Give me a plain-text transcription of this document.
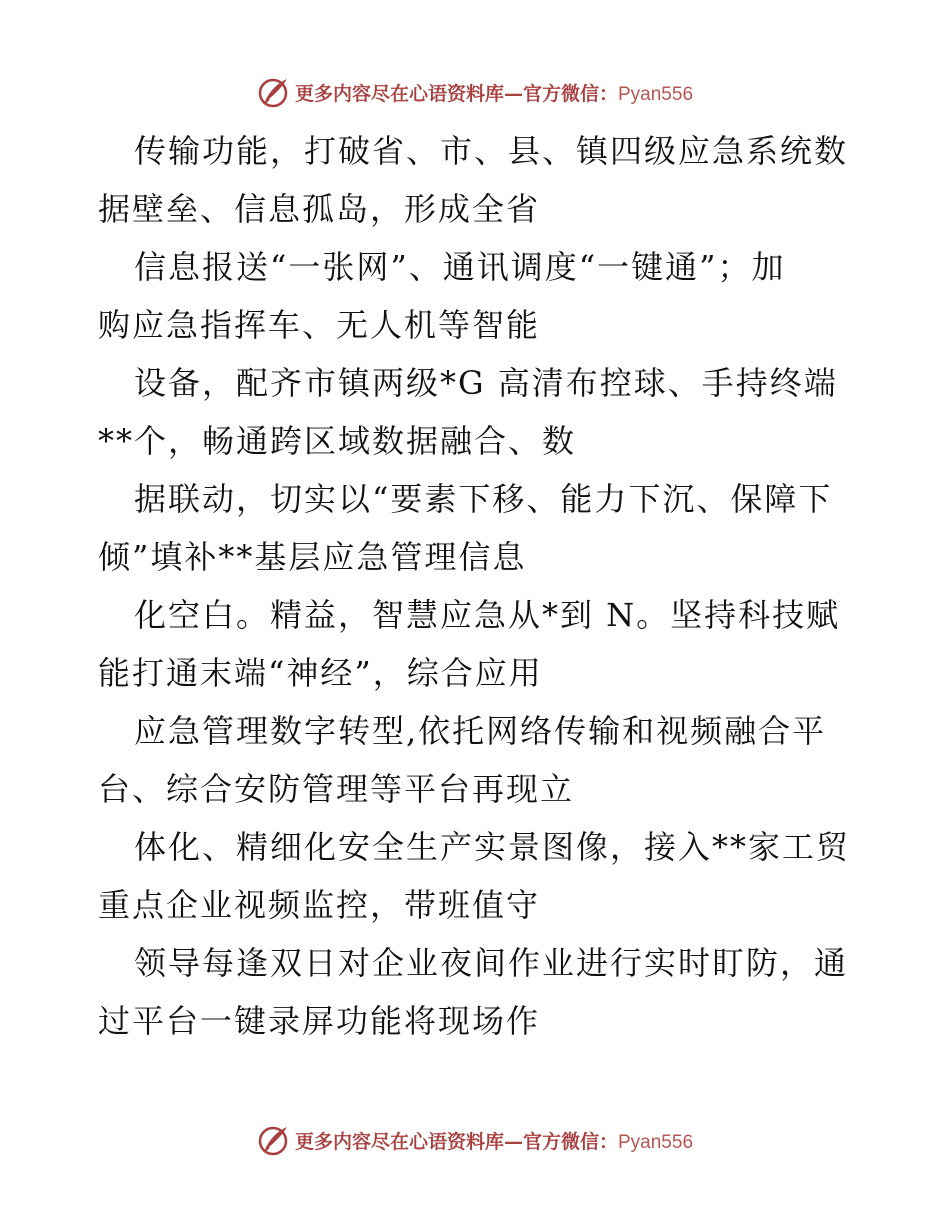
更多内容尽在心语资料库—官方微信：Pyan556
传输功能，打破省、市、县、镇四级应急系统数
据壁垒、信息孤岛，形成全省
信息报送“一张网”、通讯调度“一键通”；加
购应急指挥车、无人机等智能
设备，配齐市镇两级*G 高清布控球、手持终端
**个，畅通跨区域数据融合、数
据联动，切实以“要素下移、能力下沉、保障下
倾”填补**基层应急管理信息
化空白。精益，智慧应急从*到 N。坚持科技赋
能打通末端“神经”，综合应用
应急管理数字转型,依托网络传输和视频融合平
台、综合安防管理等平台再现立
体化、精细化安全生产实景图像，接入**家工贸
重点企业视频监控，带班值守
领导每逢双日对企业夜间作业进行实时盯防，通
过平台一键录屏功能将现场作
更多内容尽在心语资料库—官方微信：Pyan556
